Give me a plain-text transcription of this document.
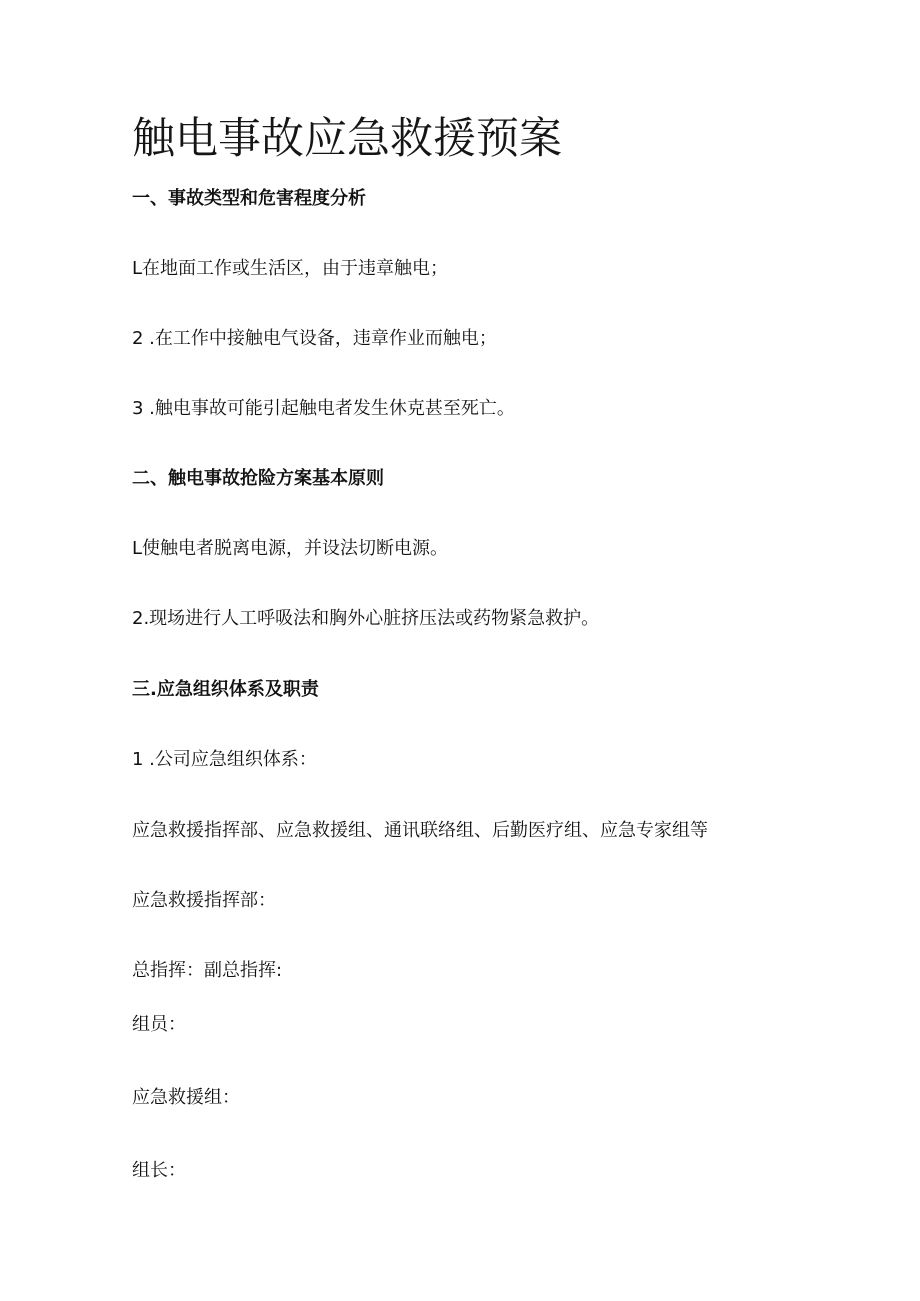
触电事故应急救援预案
一、事故类型和危害程度分析
L在地面工作或生活区，由于违章触电；
2 .在工作中接触电气设备，违章作业而触电；
3 .触电事故可能引起触电者发生休克甚至死亡。
二、触电事故抢险方案基本原则
L使触电者脱离电源，并设法切断电源。
2.现场进行人工呼吸法和胸外心脏挤压法或药物紧急救护。
三.应急组织体系及职责
1 .公司应急组织体系：
应急救援指挥部、应急救援组、通讯联络组、后勤医疗组、应急专家组等
应急救援指挥部：
总指挥：副总指挥:
组员：
应急救援组：
组长：
